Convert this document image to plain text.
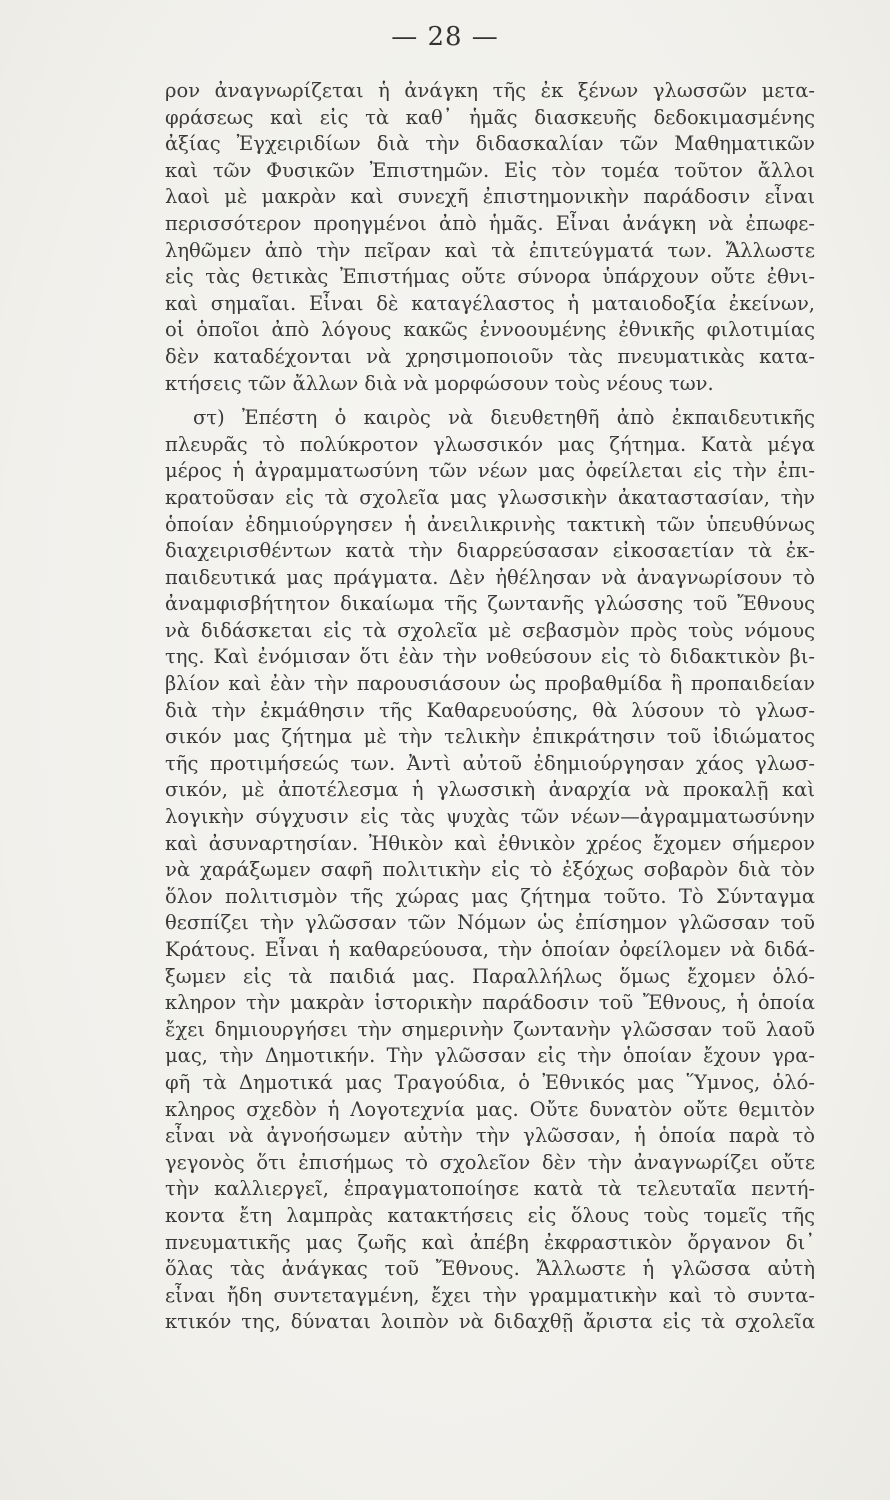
— 28 —
ρον ἀναγνωρίζεται ἡ ἀνάγκη τῆς ἐκ ξένων γλωσσῶν μετα-
φράσεως καὶ εἰς τὰ καθ᾽ ἡμᾶς διασκευῆς δεδοκιμασμένης
ἀξίας Ἐγχειριδίων διὰ τὴν διδασκαλίαν τῶν Μαθηματικῶν
καὶ τῶν Φυσικῶν Ἐπιστημῶν. Εἰς τὸν τομέα τοῦτον ἄλλοι
λαοὶ μὲ μακρὰν καὶ συνεχῆ ἐπιστημονικὴν παράδοσιν εἶναι
περισσότερον προηγμένοι ἀπὸ ἡμᾶς. Εἶναι ἀνάγκη νὰ ἐπωφε-
ληθῶμεν ἀπὸ τὴν πεῖραν καὶ τὰ ἐπιτεύγματά των. Ἄλλωστε
εἰς τὰς θετικὰς Ἐπιστήμας οὔτε σύνορα ὑπάρχουν οὔτε ἐθνι-
καὶ σημαῖαι. Εἶναι δὲ καταγέλαστος ἡ ματαιοδοξία ἐκείνων,
οἱ ὁποῖοι ἀπὸ λόγους κακῶς ἐννοουμένης ἐθνικῆς φιλοτιμίας
δὲν καταδέχονται νὰ χρησιμοποιοῦν τὰς πνευματικὰς κατα-
κτήσεις τῶν ἄλλων διὰ νὰ μορφώσουν τοὺς νέους των.
στ) Ἐπέστη ὁ καιρὸς νὰ διευθετηθῆ ἀπὸ ἐκπαιδευτικῆς
πλευρᾶς τὸ πολύκροτον γλωσσικόν μας ζήτημα. Κατὰ μέγα
μέρος ἡ ἀγραμματωσύνη τῶν νέων μας ὀφείλεται εἰς τὴν ἐπι-
κρατοῦσαν εἰς τὰ σχολεῖα μας γλωσσικὴν ἀκαταστασίαν, τὴν
ὁποίαν ἐδημιούργησεν ἡ ἀνειλικρινὴς τακτικὴ τῶν ὑπευθύνως
διαχειρισθέντων κατὰ τὴν διαρρεύσασαν εἰκοσαετίαν τὰ ἐκ-
παιδευτικά μας πράγματα. Δὲν ἠθέλησαν νὰ ἀναγνωρίσουν τὸ
ἀναμφισβήτητον δικαίωμα τῆς ζωντανῆς γλώσσης τοῦ Ἔθνους
νὰ διδάσκεται εἰς τὰ σχολεῖα μὲ σεβασμὸν πρὸς τοὺς νόμους
της. Καὶ ἐνόμισαν ὅτι ἐὰν τὴν νοθεύσουν εἰς τὸ διδακτικὸν βι-
βλίον καὶ ἐὰν τὴν παρουσιάσουν ὡς προβαθμίδα ἢ προπαιδείαν
διὰ τὴν ἐκμάθησιν τῆς Καθαρευούσης, θὰ λύσουν τὸ γλωσ-
σικόν μας ζήτημα μὲ τὴν τελικὴν ἐπικράτησιν τοῦ ἰδιώματος
τῆς προτιμήσεώς των. Ἀντὶ αὐτοῦ ἐδημιούργησαν χάος γλωσ-
σικόν, μὲ ἀποτέλεσμα ἡ γλωσσικὴ ἀναρχία νὰ προκαλῇ καὶ
λογικὴν σύγχυσιν εἰς τὰς ψυχὰς τῶν νέων—ἀγραμματωσύνην
καὶ ἀσυναρτησίαν. Ἠθικὸν καὶ ἐθνικὸν χρέος ἔχομεν σήμερον
νὰ χαράξωμεν σαφῆ πολιτικὴν εἰς τὸ ἐξόχως σοβαρὸν διὰ τὸν
ὅλον πολιτισμὸν τῆς χώρας μας ζήτημα τοῦτο. Τὸ Σύνταγμα
θεσπίζει τὴν γλῶσσαν τῶν Νόμων ὡς ἐπίσημον γλῶσσαν τοῦ
Κράτους. Εἶναι ἡ καθαρεύουσα, τὴν ὁποίαν ὀφείλομεν νὰ διδά-
ξωμεν εἰς τὰ παιδιά μας. Παραλλήλως ὅμως ἔχομεν ὁλό-
κληρον τὴν μακρὰν ἱστορικὴν παράδοσιν τοῦ Ἔθνους, ἡ ὁποία
ἔχει δημιουργήσει τὴν σημερινὴν ζωντανὴν γλῶσσαν τοῦ λαοῦ
μας, τὴν Δημοτικήν. Τὴν γλῶσσαν εἰς τὴν ὁποίαν ἔχουν γρα-
φῆ τὰ Δημοτικά μας Τραγούδια, ὁ Ἐθνικός μας Ὕμνος, ὁλό-
κληρος σχεδὸν ἡ Λογοτεχνία μας. Οὔτε δυνατὸν οὔτε θεμιτὸν
εἶναι νὰ ἀγνοήσωμεν αὐτὴν τὴν γλῶσσαν, ἡ ὁποία παρὰ τὸ
γεγονὸς ὅτι ἐπισήμως τὸ σχολεῖον δὲν τὴν ἀναγνωρίζει οὔτε
τὴν καλλιεργεῖ, ἐπραγματοποίησε κατὰ τὰ τελευταῖα πεντή-
κοντα ἔτη λαμπρὰς κατακτήσεις εἰς ὅλους τοὺς τομεῖς τῆς
πνευματικῆς μας ζωῆς καὶ ἀπέβη ἐκφραστικὸν ὄργανον δι᾽
ὅλας τὰς ἀνάγκας τοῦ Ἔθνους. Ἄλλωστε ἡ γλῶσσα αὐτὴ
εἶναι ἤδη συντεταγμένη, ἔχει τὴν γραμματικὴν καὶ τὸ συντα-
κτικόν της, δύναται λοιπὸν νὰ διδαχθῇ ἄριστα εἰς τὰ σχολεῖα
